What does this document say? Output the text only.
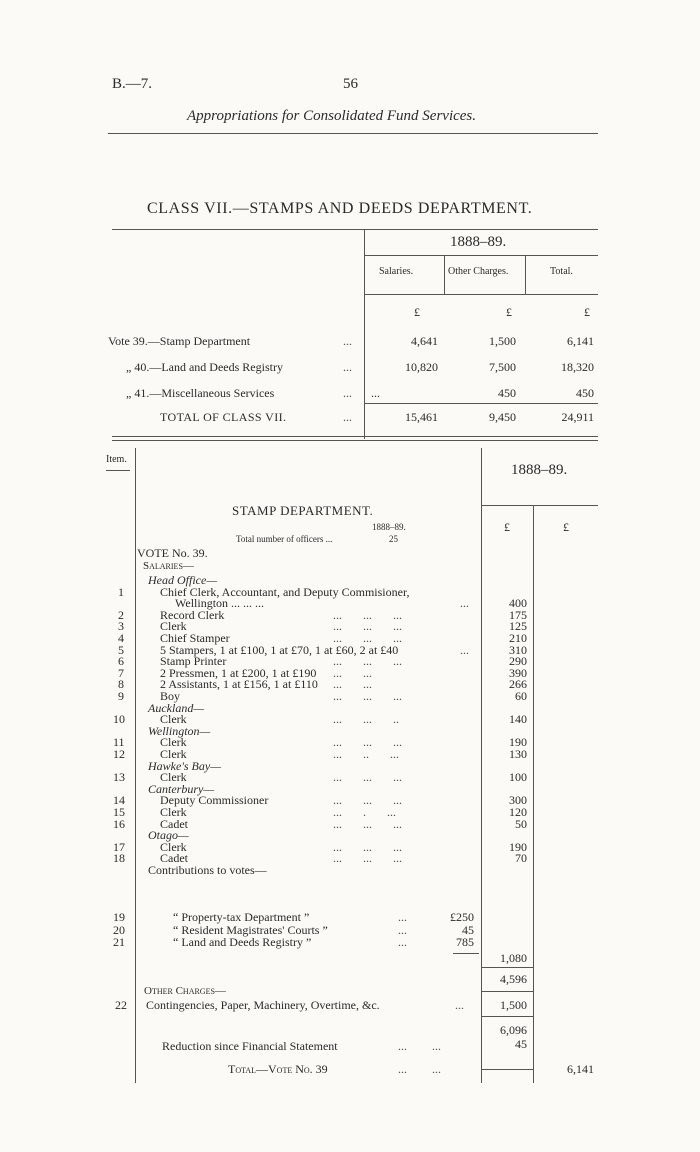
B.—7.	56
Appropriations for Consolidated Fund Services.
CLASS VII.—STAMPS AND DEEDS DEPARTMENT.
1888–89.
Salaries.	Other Charges.	Total.
£	£	£
Vote 39.—Stamp Department	...	4,641	1,500	6,141
„ 40.—Land and Deeds Registry	...	10,820	7,500	18,320
„ 41.—Miscellaneous Services	... ...	450	450
TOTAL OF CLASS VII.	...	15,461	9,450	24,911
Item.
1888–89.
£	£
STAMP DEPARTMENT.
1888–89.
Total number of officers ...	25
VOTE No. 39.
Salaries—
Head Office—
1	Chief Clerk, Accountant, and Deputy Commisioner,
Wellington ... ... ...	...	400
2	Record Clerk	... ... ...	175
3	Clerk	... ... ...	125
4	Chief Stamper	... ... ...	210
5	5 Stampers, 1 at £100, 1 at £70, 1 at £60, 2 at £40	...	310
6	Stamp Printer	... ... ...	290
7	2 Pressmen, 1 at £200, 1 at £190 ... ...	390
8	2 Assistants, 1 at £156, 1 at £110 ... ...	266
9	Boy	... ... ...	60
Auckland—
10	Clerk	... ... ..	140
Wellington—
11	Clerk	... ... ...	190
12	Clerk	... .. ...	130
Hawke's Bay—
13	Clerk	... ... ...	100
Canterbury—
14	Deputy Commissioner	... ... ...	300
15	Clerk	... . ...	120
16	Cadet	... ... ...	50
Otago—
17	Clerk	... ... ...	190
18	Cadet	... ... ...	70
Contributions to votes—
19	“ Property-tax Department ”	...	£250
20	“ Resident Magistrates' Courts ”	...	45
21	“ Land and Deeds Registry ”	...	785
1,080
4,596
Other Charges—
22 Contingencies, Paper, Machinery, Overtime, &c.	...	1,500
6,096
Reduction since Financial Statement	... ...	45
Total—Vote No. 39	... ...	6,141
